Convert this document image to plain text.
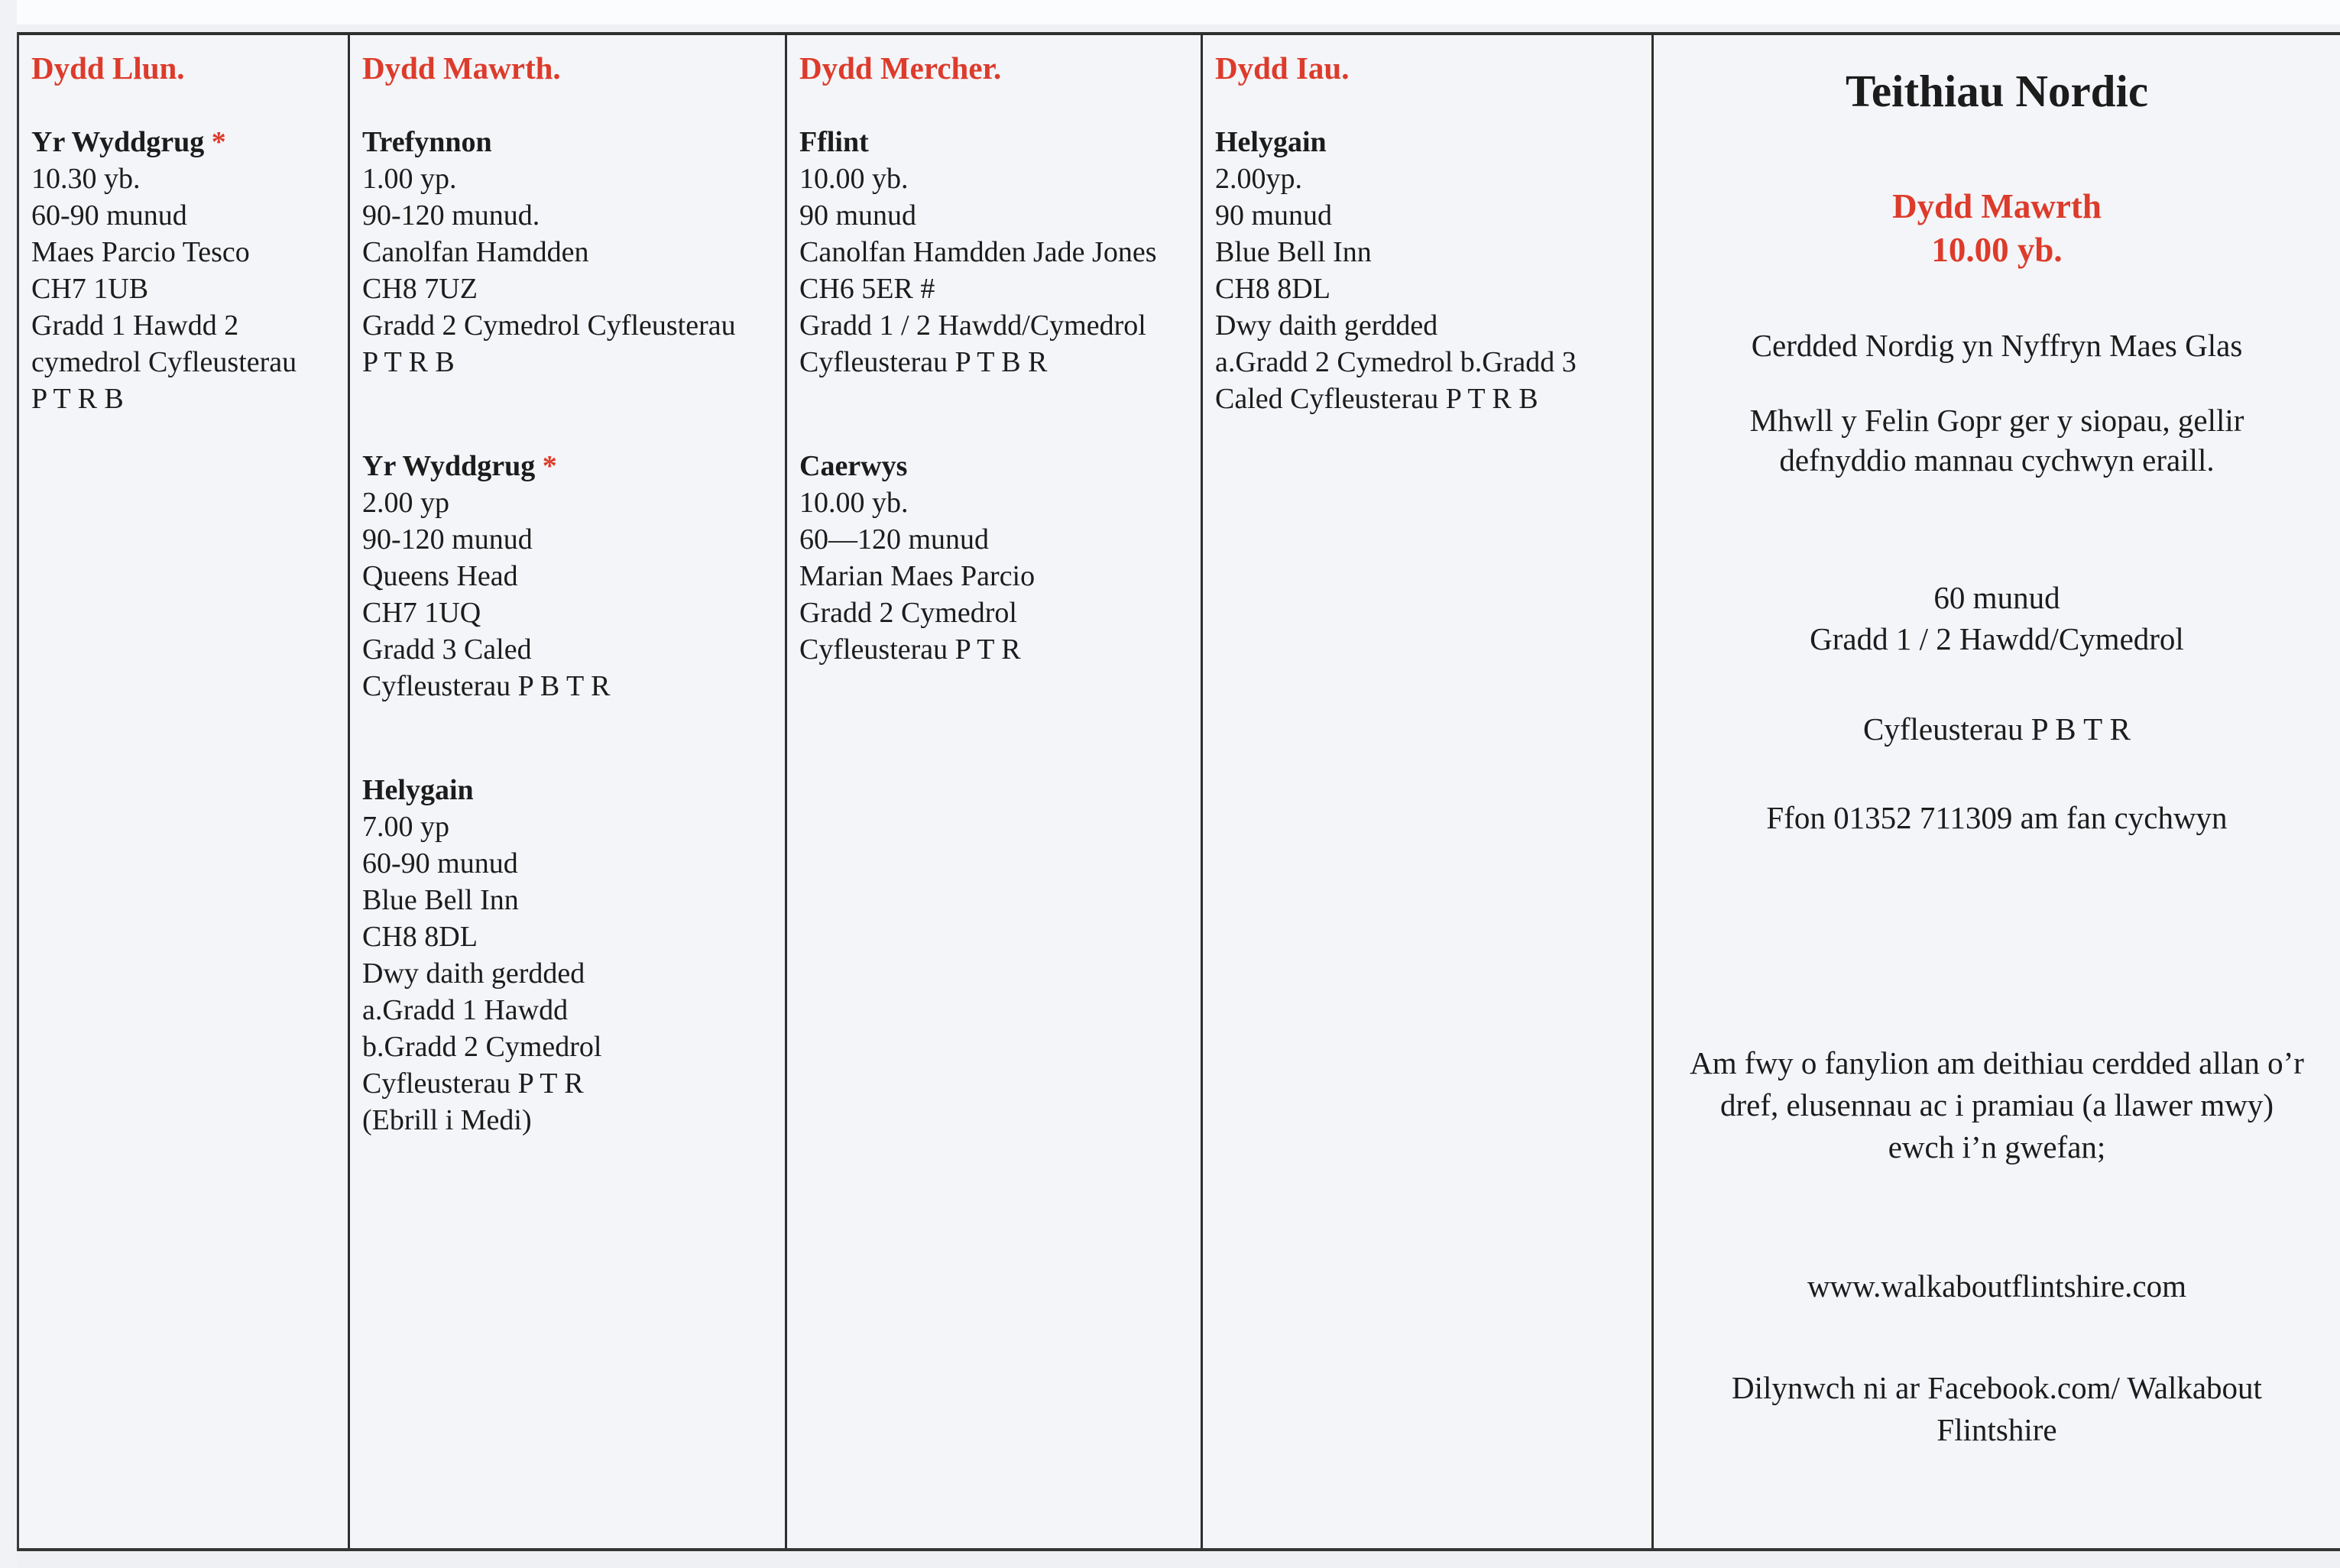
Dydd Llun.
Yr Wyddgrug *
10.30 yb.
60-90 munud
Maes Parcio Tesco
CH7 1UB
Gradd 1 Hawdd 2
cymedrol Cyfleusterau
P T R B
Dydd Mawrth.
Trefynnon
1.00 yp.
90-120 munud.
Canolfan Hamdden
CH8 7UZ
Gradd 2 Cymedrol Cyfleusterau
P T R B
Yr Wyddgrug *
2.00 yp
90-120 munud
Queens Head
CH7 1UQ
Gradd 3 Caled
Cyfleusterau P B T R
Helygain
7.00 yp
60-90 munud
Blue Bell Inn
CH8 8DL
Dwy daith gerdded
a.Gradd 1 Hawdd
b.Gradd 2 Cymedrol
Cyfleusterau P T R
(Ebrill i Medi)
Dydd Mercher.
Fflint
10.00 yb.
90 munud
Canolfan Hamdden Jade Jones
CH6 5ER #
Gradd 1 / 2 Hawdd/Cymedrol
Cyfleusterau P T B R
Caerwys
10.00 yb.
60—120 munud
Marian Maes Parcio
Gradd 2 Cymedrol
Cyfleusterau P T R
Dydd Iau.
Helygain
2.00yp.
90 munud
Blue Bell Inn
CH8 8DL
Dwy daith gerdded
a.Gradd 2 Cymedrol b.Gradd 3
Caled Cyfleusterau P T R B
Teithiau Nordic
Dydd Mawrth
10.00 yb.
Cerdded Nordig yn Nyffryn Maes Glas
Mhwll y Felin Gopr ger y siopau, gellir defnyddio mannau cychwyn eraill.
60 munud
Gradd 1 / 2 Hawdd/Cymedrol
Cyfleusterau P B T R
Ffon 01352 711309 am fan cychwyn
Am fwy o fanylion am deithiau cerdded allan o’r dref, elusennau ac i pramiau (a llawer mwy) ewch i’n gwefan;
www.walkaboutflintshire.com
Dilynwch ni ar Facebook.com/ Walkabout Flintshire
